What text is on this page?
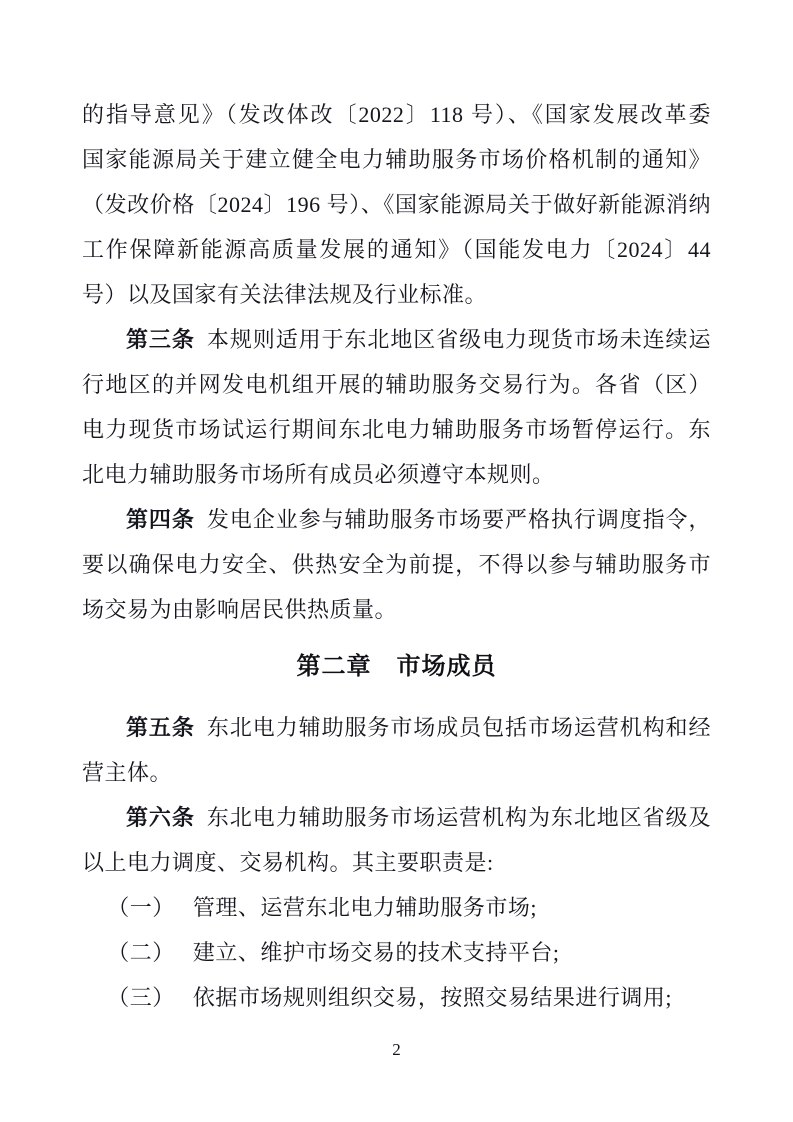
的指导意见》（发改体改〔2022〕118 号）、《国家发展改革委　国家能源局关于建立健全电力辅助服务市场价格机制的通知》（发改价格〔2024〕196 号）、《国家能源局关于做好新能源消纳工作保障新能源高质量发展的通知》（国能发电力〔2024〕44 号）以及国家有关法律法规及行业标准。

第三条 本规则适用于东北地区省级电力现货市场未连续运行地区的并网发电机组开展的辅助服务交易行为。各省（区）电力现货市场试运行期间东北电力辅助服务市场暂停运行。东北电力辅助服务市场所有成员必须遵守本规则。

第四条 发电企业参与辅助服务市场要严格执行调度指令，要以确保电力安全、供热安全为前提，不得以参与辅助服务市场交易为由影响居民供热质量。

第二章　市场成员

第五条 东北电力辅助服务市场成员包括市场运营机构和经营主体。

第六条 东北电力辅助服务市场运营机构为东北地区省级及以上电力调度、交易机构。其主要职责是:

（一） 管理、运营东北电力辅助服务市场;

（二） 建立、维护市场交易的技术支持平台;

（三） 依据市场规则组织交易，按照交易结果进行调用;

2
